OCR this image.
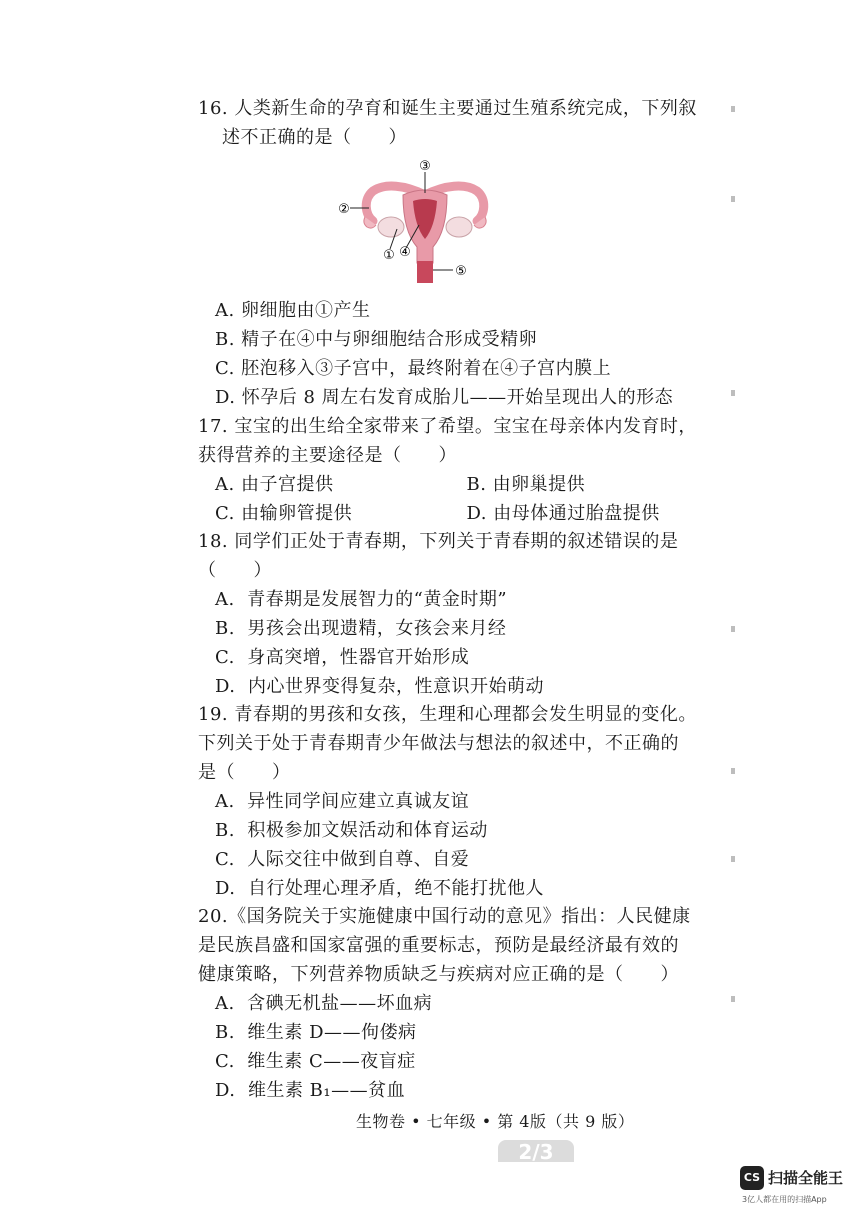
16. 人类新生命的孕育和诞生主要通过生殖系统完成，下列叙

述不正确的是（　　）

③
②
① ④
⑤

A. 卵细胞由①产生

B. 精子在④中与卵细胞结合形成受精卵

C. 胚泡移入③子宫中，最终附着在④子宫内膜上

D. 怀孕后 8 周左右发育成胎儿——开始呈现出人的形态

17. 宝宝的出生给全家带来了希望。宝宝在母亲体内发育时，

获得营养的主要途径是（　　）

A. 由子宫提供	B. 由卵巢提供
C. 由输卵管提供	D. 由母体通过胎盘提供

18. 同学们正处于青春期，下列关于青春期的叙述错误的是

（　　）

A.  青春期是发展智力的“黄金时期”

B.  男孩会出现遗精，女孩会来月经

C.  身高突增，性器官开始形成

D.  内心世界变得复杂，性意识开始萌动

19. 青春期的男孩和女孩，生理和心理都会发生明显的变化。

下列关于处于青春期青少年做法与想法的叙述中，不正确的

是（　　）

A.  异性同学间应建立真诚友谊

B.  积极参加文娱活动和体育运动

C.  人际交往中做到自尊、自爱

D.  自行处理心理矛盾，绝不能打扰他人

20.《国务院关于实施健康中国行动的意见》指出：人民健康

是民族昌盛和国家富强的重要标志，预防是最经济最有效的

健康策略，下列营养物质缺乏与疾病对应正确的是（　　）

A.  含碘无机盐——坏血病

B.  维生素 D——佝偻病

C.  维生素 C——夜盲症

D.  维生素 B₁——贫血

生物卷 • 七年级 • 第 4版（共 9 版）
2/3
CS 扫描全能王
3亿人都在用的扫描App
